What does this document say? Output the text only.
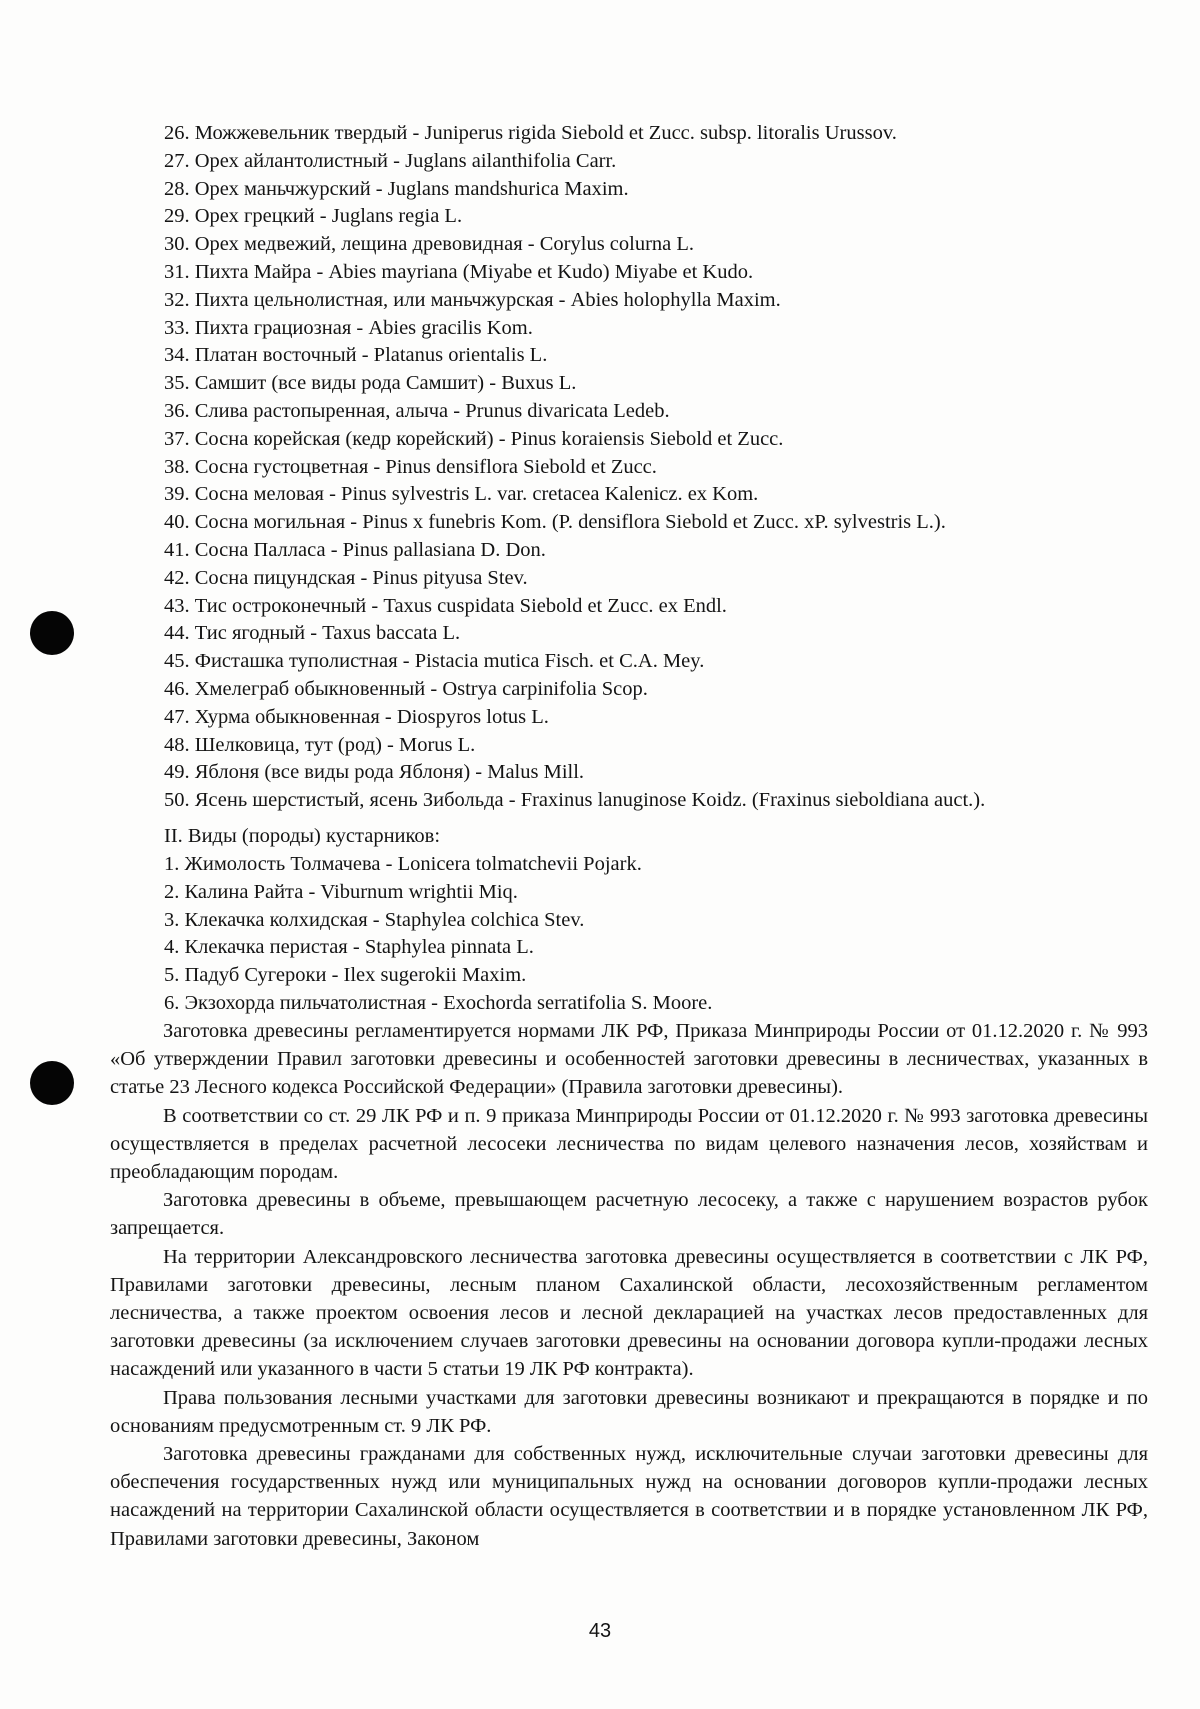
26. Можжевельник твердый - Juniperus rigida Siebold et Zucc. subsp. litoralis Urussov.
27. Орех айлантолистный - Juglans ailanthifolia Carr.
28. Орех маньчжурский - Juglans mandshurica Maxim.
29. Орех грецкий - Juglans regia L.
30. Орех медвежий, лещина древовидная - Corylus colurna L.
31. Пихта Майра - Abies mayriana (Miyabe et Kudo) Miyabe et Kudo.
32. Пихта цельнолистная, или маньчжурская - Abies holophylla Maxim.
33. Пихта грациозная - Abies gracilis Kom.
34. Платан восточный - Platanus orientalis L.
35. Самшит (все виды рода Самшит) - Buxus L.
36. Слива растопыренная, алыча - Prunus divaricata Ledeb.
37. Сосна корейская (кедр корейский) - Pinus koraiensis Siebold et Zucc.
38. Сосна густоцветная - Pinus densiflora Siebold et Zucc.
39. Сосна меловая - Pinus sylvestris L. var. cretacea Kalenicz. ex Kom.
40. Сосна могильная - Pinus x funebris Kom. (P. densiflora Siebold et Zucc. xP. sylvestris L.).
41. Сосна Палласа - Pinus pallasiana D. Don.
42. Сосна пицундская - Pinus pityusa Stev.
43. Тис остроконечный - Taxus cuspidata Siebold et Zucc. ex Endl.
44. Тис ягодный - Taxus baccata L.
45. Фисташка туполистная - Pistacia mutica Fisch. et C.A. Mey.
46. Хмелеграб обыкновенный - Ostrya carpinifolia Scop.
47. Хурма обыкновенная - Diospyros lotus L.
48. Шелковица, тут (род) - Morus L.
49. Яблоня (все виды рода Яблоня) - Malus Mill.
50. Ясень шерстистый, ясень Зибольда - Fraxinus lanuginose Koidz. (Fraxinus sieboldiana auct.).
II. Виды (породы) кустарников:
1. Жимолость Толмачева - Lonicera tolmatchevii Pojark.
2. Калина Райта - Viburnum wrightii Miq.
3. Клекачка колхидская - Staphylea colchica Stev.
4. Клекачка перистая - Staphylea pinnata L.
5. Падуб Сугероки - Ilex sugerokii Maxim.
6. Экзохорда пильчатолистная - Exochorda serratifolia S. Moore.

Заготовка древесины регламентируется нормами ЛК РФ, Приказа Минприроды России от 01.12.2020 г. № 993 «Об утверждении Правил заготовки древесины и особенностей заготовки древесины в лесничествах, указанных в статье 23 Лесного кодекса Российской Федерации» (Правила заготовки древесины).

В соответствии со ст. 29 ЛК РФ и п. 9 приказа Минприроды России от 01.12.2020 г. № 993 заготовка древесины осуществляется в пределах расчетной лесосеки лесничества по видам целевого назначения лесов, хозяйствам и преобладающим породам.

Заготовка древесины в объеме, превышающем расчетную лесосеку, а также с нарушением возрастов рубок запрещается.

На территории Александровского лесничества заготовка древесины осуществляется в соответствии с ЛК РФ, Правилами заготовки древесины, лесным планом Сахалинской области, лесохозяйственным регламентом лесничества, а также проектом освоения лесов и лесной декларацией на участках лесов предоставленных для заготовки древесины (за исключением случаев заготовки древесины на основании договора купли-продажи лесных насаждений или указанного в части 5 статьи 19 ЛК РФ контракта).

Права пользования лесными участками для заготовки древесины возникают и прекращаются в порядке и по основаниям предусмотренным ст. 9 ЛК РФ.

Заготовка древесины гражданами для собственных нужд, исключительные случаи заготовки древесины для обеспечения государственных нужд или муниципальных нужд на основании договоров купли-продажи лесных насаждений на территории Сахалинской области осуществляется в соответствии и в порядке установленном ЛК РФ, Правилами заготовки древесины, Законом

43
